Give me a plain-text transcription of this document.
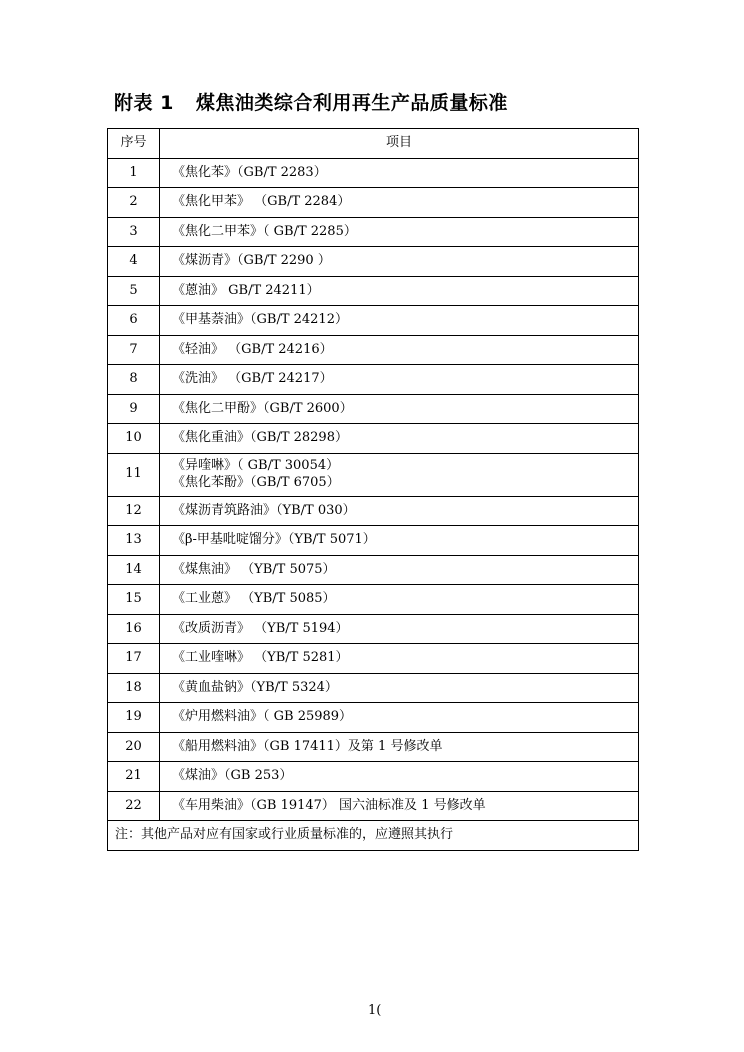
附表 1 煤焦油类综合利用再生产品质量标准
序号	项目
1	《焦化苯》（GB/T 2283）

2	《焦化甲苯》 （GB/T 2284）

3	《焦化二甲苯》（ GB/T 2285）

4	《煤沥青》（GB/T 2290 ）

5	《蒽油》 GB/T 24211）

6	《甲基萘油》（GB/T 24212）

7	《轻油》 （GB/T 24216）

8	《洗油》 （GB/T 24217）

9	《焦化二甲酚》（GB/T 2600）

10	《焦化重油》（GB/T 28298）

11	《异喹啉》（ GB/T 30054）
《焦化苯酚》（GB/T 6705）

12	《煤沥青筑路油》（YB/T 030）

13	《β-甲基吡啶馏分》（YB/T 5071）

14	《煤焦油》 （YB/T 5075）

15	《工业蒽》 （YB/T 5085）

16	《改质沥青》 （YB/T 5194）

17	《工业喹啉》 （YB/T 5281）

18	《黄血盐钠》（YB/T 5324）

19	《炉用燃料油》（ GB 25989）

20	《船用燃料油》（GB 17411）及第 1 号修改单

21	《煤油》（GB 253）

22	《车用柴油》（GB 19147） 国六油标准及 1 号修改单

注：其他产品对应有国家或行业质量标准的，应遵照其执行	
1(
